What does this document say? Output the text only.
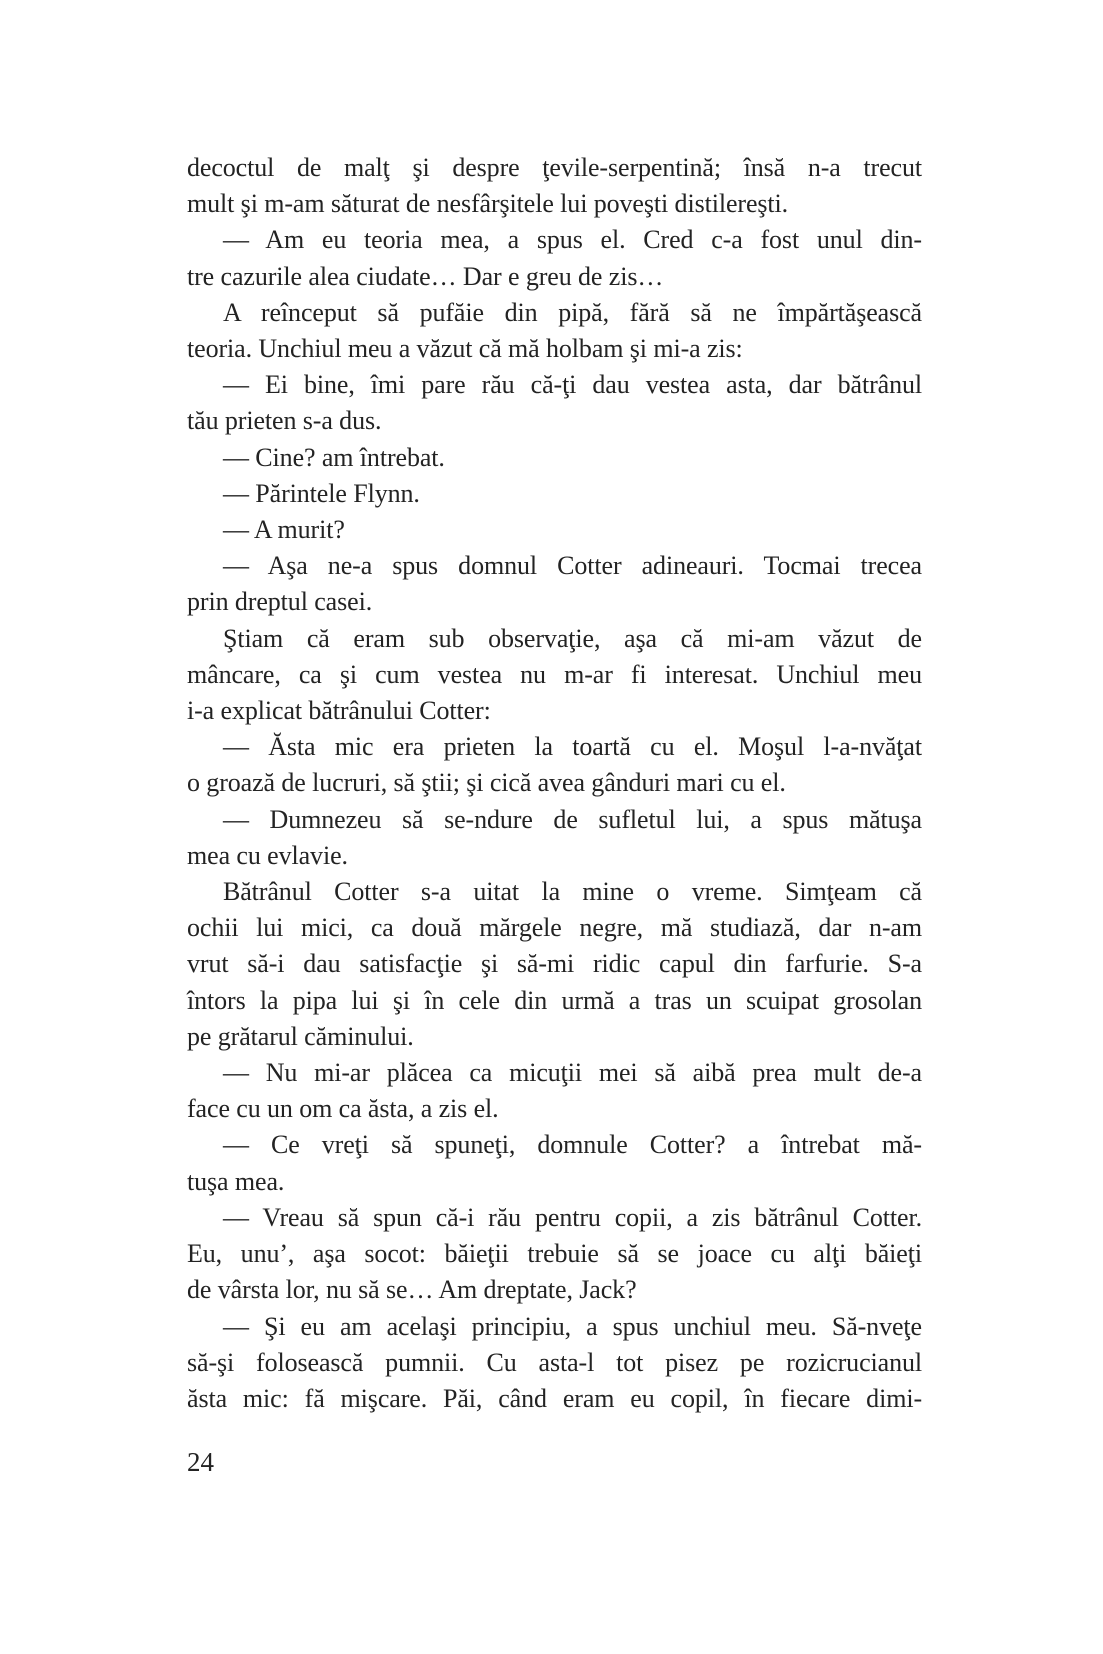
decoctul de malţ şi despre ţevile-serpentină; însă n-a trecut
mult şi m-am săturat de nesfârşitele lui poveşti distilereşti.
— Am eu teoria mea, a spus el. Cred c-a fost unul din-
tre cazurile alea ciudate… Dar e greu de zis…
A reînceput să pufăie din pipă, fără să ne împărtăşească
teoria. Unchiul meu a văzut că mă holbam şi mi-a zis:
— Ei bine, îmi pare rău că-ţi dau vestea asta, dar bătrânul
tău prieten s-a dus.
— Cine? am întrebat.
— Părintele Flynn.
— A murit?
— Aşa ne-a spus domnul Cotter adineauri. Tocmai trecea
prin dreptul casei.
Ştiam că eram sub observaţie, aşa că mi-am văzut de
mâncare, ca şi cum vestea nu m-ar fi interesat. Unchiul meu
i-a explicat bătrânului Cotter:
— Ăsta mic era prieten la toartă cu el. Moşul l-a-nvăţat
o groază de lucruri, să ştii; şi cică avea gânduri mari cu el.
— Dumnezeu să se-ndure de sufletul lui, a spus mătuşa
mea cu evlavie.
Bătrânul Cotter s-a uitat la mine o vreme. Simţeam că
ochii lui mici, ca două mărgele negre, mă studiază, dar n-am
vrut să-i dau satisfacţie şi să-mi ridic capul din farfurie. S-a
întors la pipa lui şi în cele din urmă a tras un scuipat grosolan
pe grătarul căminului.
— Nu mi-ar plăcea ca micuţii mei să aibă prea mult de-a
face cu un om ca ăsta, a zis el.
— Ce vreţi să spuneţi, domnule Cotter? a întrebat mă-
tuşa mea.
— Vreau să spun că-i rău pentru copii, a zis bătrânul Cotter.
Eu, unu’, aşa socot: băieţii trebuie să se joace cu alţi băieţi
de vârsta lor, nu să se… Am dreptate, Jack?
— Şi eu am acelaşi principiu, a spus unchiul meu. Să-nveţe
să-şi folosească pumnii. Cu asta-l tot pisez pe rozicrucianul
ăsta mic: fă mişcare. Păi, când eram eu copil, în fiecare dimi-
24
